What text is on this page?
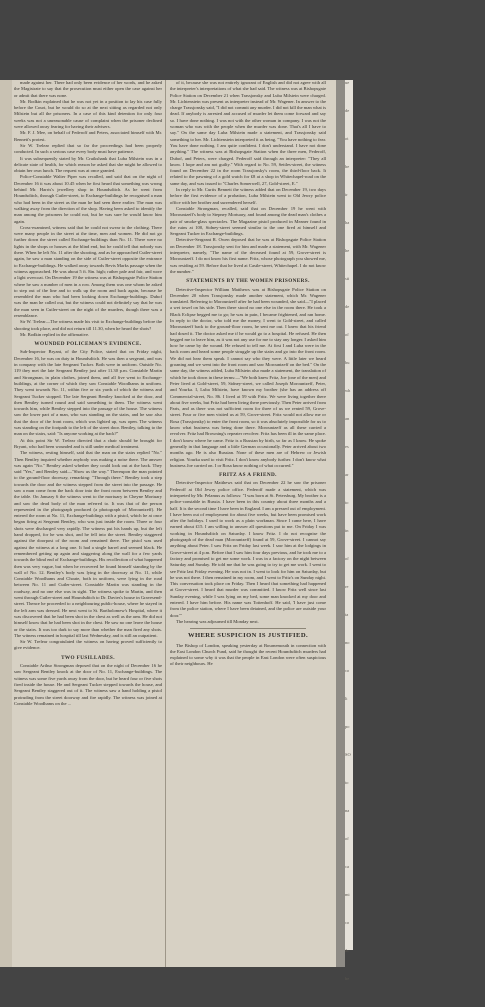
made against her. There had only been evidence of her words, and he asked the Magistrate to say that the prosecution must either open the case against her or admit that there was none.

Mr. Bodkin explained that he was not yet in a position to lay his case fully before the Court, but he would do so at the next sitting as regarded not only Milstein but all the prisoners. In a case of this kind detention for only four weeks was not a unreasonable cause of complaint when the prisoner declined were allowed away fearing for having their advisers.

Mr. F. J. Mee, on behalf of Federoff and Peters, associated himself with Mr. Bennett's protest.

Sir W. Trelear replied that so far the proceedings had been properly conducted. In such a serious case every body must have patience.

It was subsequently stated by Mr. Cruikshank that Luba Milstein was in a delicate state of health, for which reason he asked that she might be allowed to obtain her own lunch. The request was at once granted.

Police-Constable Walter Piper was recalled, and said that on the night of December 16 it was about 10.45 when he first heard that something was wrong behind Mr. Harris's jewellery shop in Houndsditch. As he went from Houndsditch, through Cutler-street, to Exchange-buildings he recognised a man who had been in the street as the man he had seen there earlier. The man was walking away from the direction of the shop. Having been asked to identify the man among the prisoners he could not, but he was sure he would know him again.

Cross-examined, witness said that he could not swear to the clothing. There were many people in the street at the time, men and women. He did not go further down the street called Exchange-buildings than No. 11. There were no lights in the shops or houses at the blind end, but he could tell that nobody was there. When he left No. 11 after the shooting, and as he approached Cutler-street again, he saw a man standing on the side of Cutler-street opposite the entrance to Exchange-buildings. He walked away towards Bevis Marks passage when the witness approached. He was about 5 ft. 8in. high; rather pale and fair, and wore a light overcoat. On December 19 the witness was at Bishopsgate Police Station where he saw a number of men in a row. Among them was one whom he asked to step out of the line and to walk up the room and back again, because he resembled the man who had been looking down Exchange-buildings. Dubof was the man he called out, but the witness could not definitely say that he was the man seen in Cutler-street on the night of the murders, though there was a resemblance.

Sir W. Trelear—The witness made his visit to Exchange-buildings before the shooting took place, and did not return till 11.30, when he heard the shots?

Mr. Bodkin replied in the affirmative.

WOUNDED POLICEMAN'S EVIDENCE.

Sub-Inspector Bryant, of the City Police, stated that on Friday night, December 16, he was on duty in Houndsditch. He was then a sergeant, and was in company with the late Sergeant Tucker. Both were in uniform. Outside No. 119 they met the late Sergeant Bentley just after 11.30 p.m. Constable Martin and Strongman, in plain clothes, joined them, and all five went to Exchange-buildings, at the corner of which they saw Constable Woodhams in uniform. They went towards No. 11, within five or six yards of which the witness and Sergeant Tucker stopped. The late Sergeant Bentley knocked at the door, and then Bentley turned round and said something to them. The witness went towards him, while Bentley stepped into the passage of the house. The witness saw the lower part of a man, who was standing on the stairs, and he saw also that the door of the front room, which was lighted up, was open. The witness was standing on the footpath to the left of the street door. Bentley, talking to the man on the stairs, said: "Is anyone working at the back?"

At this point Sir W. Trelear directed that a chair should be brought for Bryant, who had been wounded and is still under medical treatment.

The witness, resting himself, said that the man on the stairs replied "No." Then Bentley inquired whether anybody was making a noise there. The answer was again "No." Bentley asked whether they could look out at the back. They said "Yes," and Bentley said—"Show us the way." Thereupon the man pointed to the ground-floor doorway, remarking: "Through there." Bentley took a step towards the door and the witness stepped from the street into the passage. He saw a man come from the back door into the front room between Bentley and the table. On January 6 the witness went to the mortuary in Cheyne Mortuary and saw the dead body of the man referred to. It was that of the person represented in the photograph produced (a photograph of Morountzeff). He entered the room at No. 11, Exchange-buildings with a pistol, which he at once began firing at Sergeant Bentley, who was just inside the room. Three or four shots were discharged very rapidly. The witness put his hands up, but the left hand dropped, for he was shot, and he fell into the street. Bentley staggered against the doorpost of the room and remained there. The pistol was used against the witness at a long one. It had a single barrel and seemed black. He remembered getting up again and staggering along the wall for a few yards towards the blind end of Exchange-buildings. His recollection of what happened then was very vague, but when he recovered he found himself standing by the wall of No. 12. Bentley's body was lying in the doorway at No. 11, while Constable Woodhams and Choate, both in uniform, were lying in the road between No. 11 and Cutler-street. Constable Martin was standing in the roadway, and no one else was in sight. The witness spoke to Martin, and then went through Cutler-street and Houndsditch to Dr. Davies's house in Gravesend-street. Thence he proceeded to a neighbouring public-house, where he stayed in the left arm was dressed. He next went to St. Bartholomew's Hospital, where it was discovered that he had been shot in the chest as well as the arm. He did not himself know that he had been shot in the chest. He saw no one leave the house or the stairs. It was too dark to say more than whether the man fired any shots. The witness remained in hospital till last Wednesday, and is still an outpatient.

Sir W. Trelear congratulated the witness on having proved sufficiently to give evidence.

TWO FUSILLADES.

Constable Arthur Strongman deposed that on the night of December 16 he saw Sergeant Bentley knock at the door of No. 11, Exchange-buildings. The witness was some five yards away from the door, but he heard four or five shots fired inside the house. He and Sergeant Tucker stepped towards the house, and Sergeant Bentley staggered out of it. The witness saw a hand holding a pistol protruding from the street doorway and fire rapidly. The witness was joined at Constable Woodhams on the ...

of it, because she was not entirely ignorant of English and did not agree with all the interpreter's interpretations of what she had said. The witness was at Bishopsgate Police Station on December 21 when Trassjonsky and Luba Milstein were charged. Mr. Lichtenstein was present as interpreter instead of Mr. Wagener. In answer to the charge Trassjonsky said, "I did not commit any murder. I did not kill the man what is dead. If anybody is arrested and accused of murder let them come forward and say so. I have done nothing. I was not with the other woman in company. I was not the woman who was with the people when the murder was done. That's all I have to say." On the same day Luba Milstein made a statement, and Trassjonsky said something to her. Mr. Lichtenstein interpreted it as being, "You have nothing to fear. You have done nothing. I am quite confident. I don't understand. I have not done anything." The witness was at Bishopsgate Station when the three men, Federoff, Dubof, and Peters, were charged. Federoff said through an interpreter: "They all know. I hope and am not guilty." With regard to No. 59, Settles-street, the witness found on December 22 in the room Trassjonsky's room, the third-floor back. It related to the pawning of a gold watch for £8 at a shop in Whitechapel-road on the same day, and was issued to "Charles Somerwell, 27, Gold-street, E."

In reply to Mr. Curtis Bennett the witness added that on December 19, two days before the first evidence of a probation, Luba Milstein went to Old Jewry police office with her brother and surrendered herself.

Constable Strongman, recalled, said that on December 19 he went with Morountzeff's body to Stepney Mortuary, and found among the dead man's clothes a pair of smoke-glass spectacles. The Magazine pistol produced in Meaner found in the ruins at 100, Sidney-street seemed similar to the one fired at himself and Sergeant Tucker in Exchange-buildings.

Detective-Sergeant R. Owen deposed that he was at Bishopsgate Police Station on December 18. Trassjonsky sent for him and made a statement, with Mr. Wagener interpreter, namely, "The name of the deceased found at 59, Grove-street is Morountzeff. I do not know his first name. Fritz, whose photograph you showed me, was residing at 59. Before that he lived at Castle-street, Whitechapel. I do not know the number."

STATEMENTS BY THE WOMEN PRISONERS.

Detective-Inspector William Matthews was at Bishopsgate Police Station on December 20 when Trassjonsky made another statement, which Mr. Wagener translated. Referring to Morountzeff after he had been wounded, she said—"I placed a wet towel on his side. Then there stood no one else in the room there. He took a Black Eclipse begged me to go; he was in pain, I became frightened, and ran home. In reply to the doctor, who told me the money, I went to Gold-street, and called Morountzeff back to the ground-floor room, he sent me out. I knew that his friend had dosed it. The doctor asked me if he would go to a hospital. He refused. He then begged me to leave him, as it was not any use for me to stay any longer. I asked him how he came by the wound. He refused to tell me. At first I and Luba were in the back room and heard some people struggle up the stairs and go into the front room. We did not hear them speak. I cannot say who they were. A little later we heard groaning and we went into the front room and saw Morountzeff on the bed." On the same day, the witness added, Luba Milstein also made a statement, the translation of which he took down in these terms:—"We both knew Fritz, Joe (one of the men) and Peter lived at Gold-street, 59, Sidney-street, we called Joseph Morountzeff, Peter, and Yourka. I, Luba Milstein, have known my brother (she has an address off Commercial-street, No. 86. I lived at 59 with Fritz. We were living together there about five weeks, but Fritz had been living there previously. Then Peter arrived from Paris, and as there was not sufficient room for three of us we rented 59, Grove-street. Four or five men visited us at 59, Grove-street. Fritz would not allow me or Rosa (Trassjonsky) to enter the front room, so it was absolutely impossible for us to know what business was being done there. Morountzeff as all these carried a revolver. Fritz had Browning's repeater revolver. Fritz has been ill in the same place. I don't know where he came. Fritz is a Russian by birth, so far as I know. He spoke generally in that language and a little German occasionally. Peter arrived about two months ago. He is also Russian. None of these men are of Hebrew or Jewish religion. Yourka used to visit Fritz. I don't know anybody further. I don't know what business Joe carried on. I or Rosa know nothing of what occurred."

FRITZ AS A FRIEND.

Detective-Inspector Matthews said that on December 22 he saw the prisoner Federoff at Old Jewry police office. Federoff made a statement, which was interpreted by Mr. Pelamus as follows: "I was born at St. Petersburg. My brother is a police-constable in Russia. I have been in this country about three months and a half. It is the second time I have been in England. I am a pressed out of employment. I have been out of employment for about five weeks, but have been promised work after the holidays. I used to work as a plain workman. Since I came here, I have earned about £15. I am willing to answer all questions put to me. On Friday I was working in Houndsditch on Saturday. I know Fritz. I do not recognise the photograph of the dead man (Morountzeff) found at 59, Grove-street. I cannot say anything about Peter. I saw Fritz on Friday last week. I saw him at the lodgings in Grove-street at 4 p.m. Before that I saw him four days previous, and he took me to a factory and promised to get me some work. I was in a factory on the night between Saturday and Sunday. He told me that he was going to try to get me work. I went to see Fritz last Friday evening. He was not in. I went to look for him on Saturday, but he was not there. I then remained in my room, and I went to Fritz's on Sunday night. This conversation took place on Friday. Then I heard that something had happened at Grove-street. I heard that murder was committed. I know Fritz well since last Sunday evening, while I was lying on my bed, some man knocked at my door and entered. I have him before. His name was Tottenhoff. He said, 'I have just come from the police station, where I have been detained, and the police are outside your door.'"

The hearing was adjourned till Monday next.

WHERE SUSPICION IS JUSTIFIED.

The Bishop of London, speaking yesterday at Bournemouth in connection with the East London Church Fund, said he thought the recent Houndsditch murders had explained to some why it was that the people in East London were often suspicious of their neighbours. He

ue
de
ot
be
ir
ha
he
sti
de
of
bu
wh
an
es
ar
to
in
of
re
ta
no
co
li
po
SO
to
na
of
ca
mi
co
th
be
